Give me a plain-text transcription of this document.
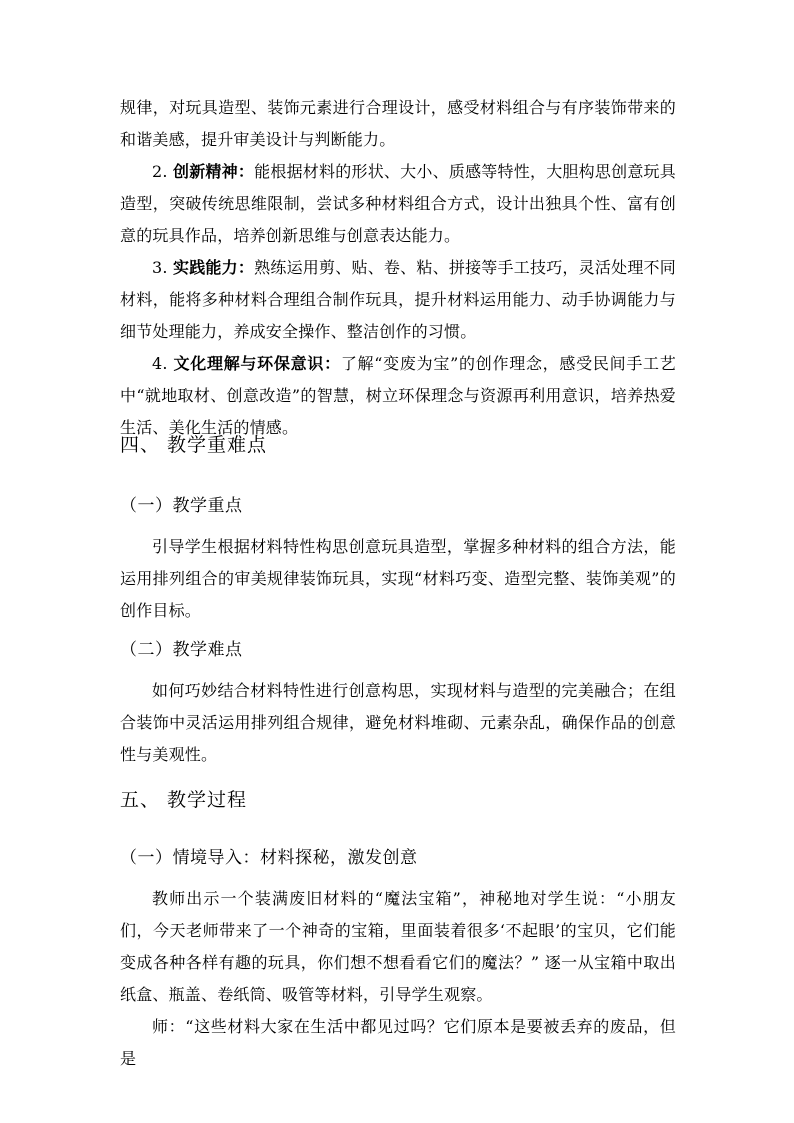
规律，对玩具造型、装饰元素进行合理设计，感受材料组合与有序装饰带来的和谐美感，提升审美设计与判断能力。

2. 创新精神：能根据材料的形状、大小、质感等特性，大胆构思创意玩具造型，突破传统思维限制，尝试多种材料组合方式，设计出独具个性、富有创意的玩具作品，培养创新思维与创意表达能力。

3. 实践能力：熟练运用剪、贴、卷、粘、拼接等手工技巧，灵活处理不同材料，能将多种材料合理组合制作玩具，提升材料运用能力、动手协调能力与细节处理能力，养成安全操作、整洁创作的习惯。

4. 文化理解与环保意识：了解“变废为宝”的创作理念，感受民间手工艺中“就地取材、创意改造”的智慧，树立环保理念与资源再利用意识，培养热爱生活、美化生活的情感。

四、 教学重难点
（一）教学重点

引导学生根据材料特性构思创意玩具造型，掌握多种材料的组合方法，能运用排列组合的审美规律装饰玩具，实现“材料巧变、造型完整、装饰美观”的创作目标。

（二）教学难点

如何巧妙结合材料特性进行创意构思，实现材料与造型的完美融合；在组合装饰中灵活运用排列组合规律，避免材料堆砌、元素杂乱，确保作品的创意性与美观性。

五、 教学过程
（一）情境导入：材料探秘，激发创意

教师出示一个装满废旧材料的“魔法宝箱”，神秘地对学生说：“小朋友们，今天老师带来了一个神奇的宝箱，里面装着很多‘不起眼’的宝贝，它们能变成各种各样有趣的玩具，你们想不想看看它们的魔法？” 逐一从宝箱中取出纸盒、瓶盖、卷纸筒、吸管等材料，引导学生观察。

师：“这些材料大家在生活中都见过吗？它们原本是要被丢弃的废品，但是
